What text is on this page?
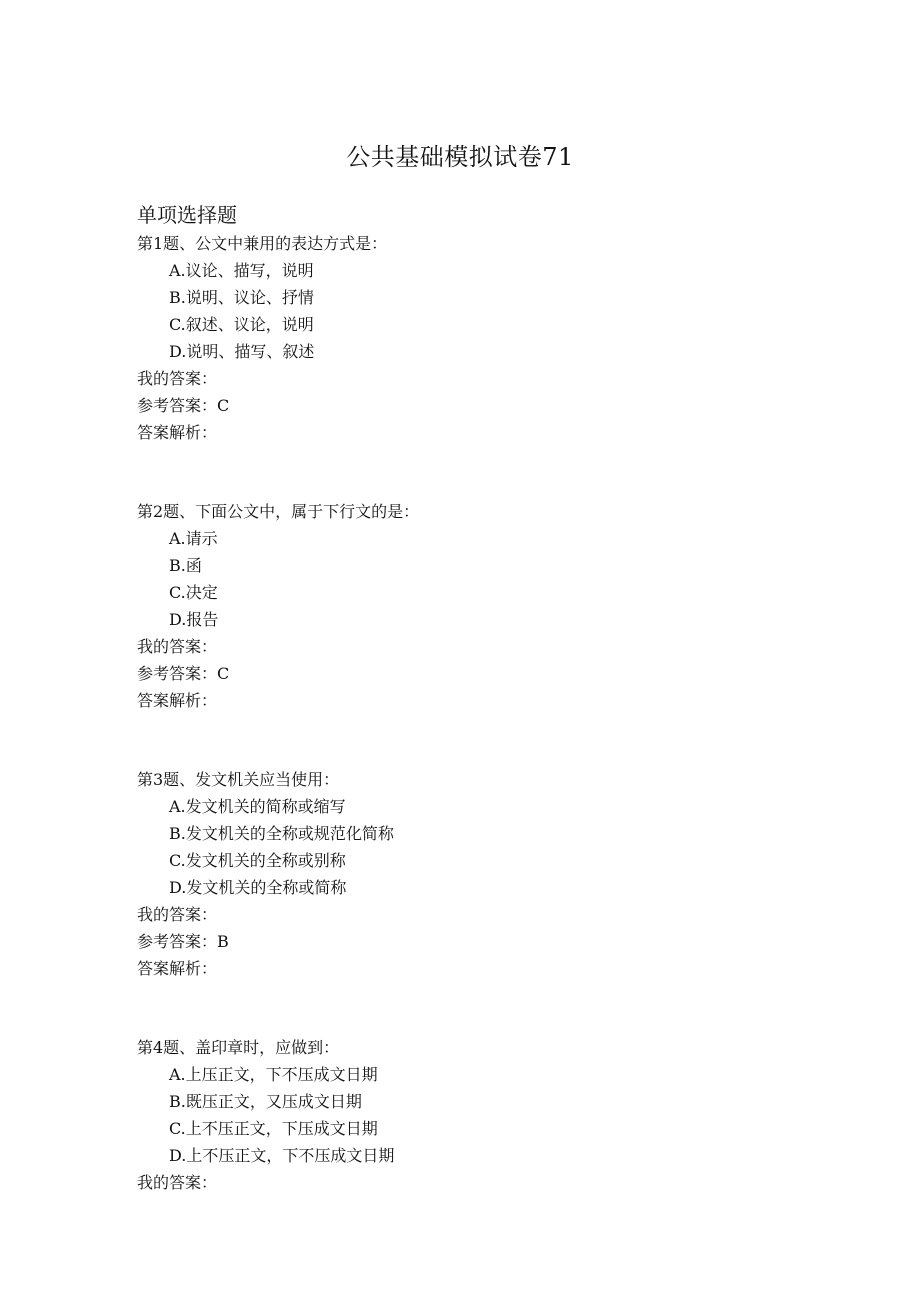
公共基础模拟试卷71
单项选择题
第1题、公文中兼用的表达方式是：
A.议论、描写，说明
B.说明、议论、抒情
C.叙述、议论，说明
D.说明、描写、叙述
我的答案：
参考答案：C
答案解析：
第2题、下面公文中，属于下行文的是：
A.请示
B.函
C.决定
D.报告
我的答案：
参考答案：C
答案解析：
第3题、发文机关应当使用：
A.发文机关的简称或缩写
B.发文机关的全称或规范化简称
C.发文机关的全称或别称
D.发文机关的全称或简称
我的答案：
参考答案：B
答案解析：
第4题、盖印章时，应做到：
A.上压正文，下不压成文日期
B.既压正文，又压成文日期
C.上不压正文，下压成文日期
D.上不压正文，下不压成文日期
我的答案：
